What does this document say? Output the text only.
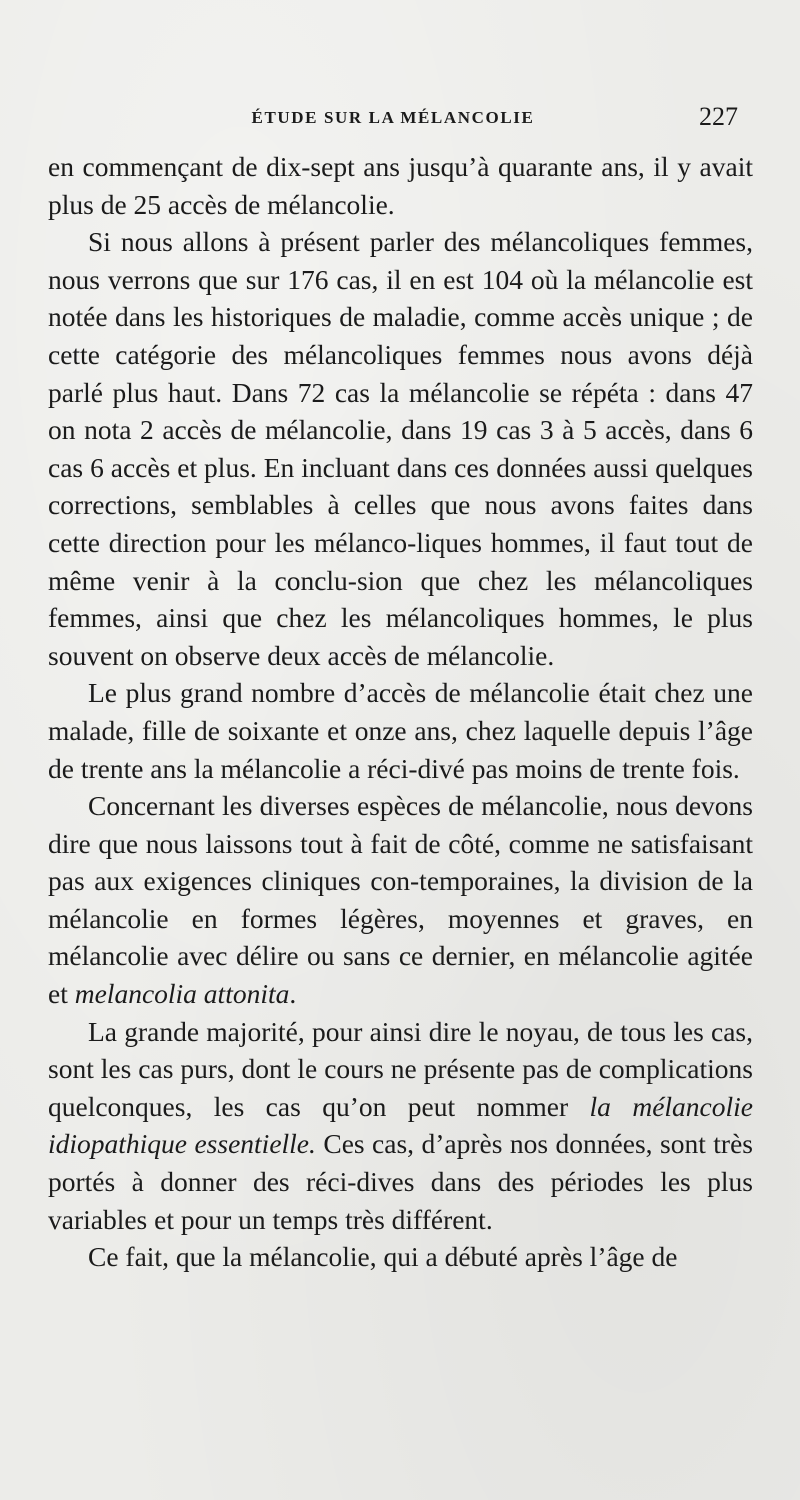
ÉTUDE SUR LA MÉLANCOLIE	227

en commençant de dix-sept ans jusqu’à quarante ans, il y avait plus de 25 accès de mélancolie.

Si nous allons à présent parler des mélancoliques femmes, nous verrons que sur 176 cas, il en est 104 où la mélancolie est notée dans les historiques de maladie, comme accès unique ; de cette catégorie des mélancoliques femmes nous avons déjà parlé plus haut. Dans 72 cas la mélancolie se répéta : dans 47 on nota 2 accès de mélancolie, dans 19 cas 3 à 5 accès, dans 6 cas 6 accès et plus. En incluant dans ces données aussi quelques corrections, semblables à celles que nous avons faites dans cette direction pour les mélanco-liques hommes, il faut tout de même venir à la conclu-sion que chez les mélancoliques femmes, ainsi que chez les mélancoliques hommes, le plus souvent on observe deux accès de mélancolie.

Le plus grand nombre d’accès de mélancolie était chez une malade, fille de soixante et onze ans, chez laquelle depuis l’âge de trente ans la mélancolie a réci-divé pas moins de trente fois.

Concernant les diverses espèces de mélancolie, nous devons dire que nous laissons tout à fait de côté, comme ne satisfaisant pas aux exigences cliniques con-temporaines, la division de la mélancolie en formes légères, moyennes et graves, en mélancolie avec délire ou sans ce dernier, en mélancolie agitée et melancolia attonita.

La grande majorité, pour ainsi dire le noyau, de tous les cas, sont les cas purs, dont le cours ne présente pas de complications quelconques, les cas qu’on peut nommer la mélancolie idiopathique essentielle. Ces cas, d’après nos données, sont très portés à donner des réci-dives dans des périodes les plus variables et pour un temps très différent.

Ce fait, que la mélancolie, qui a débuté après l’âge de
